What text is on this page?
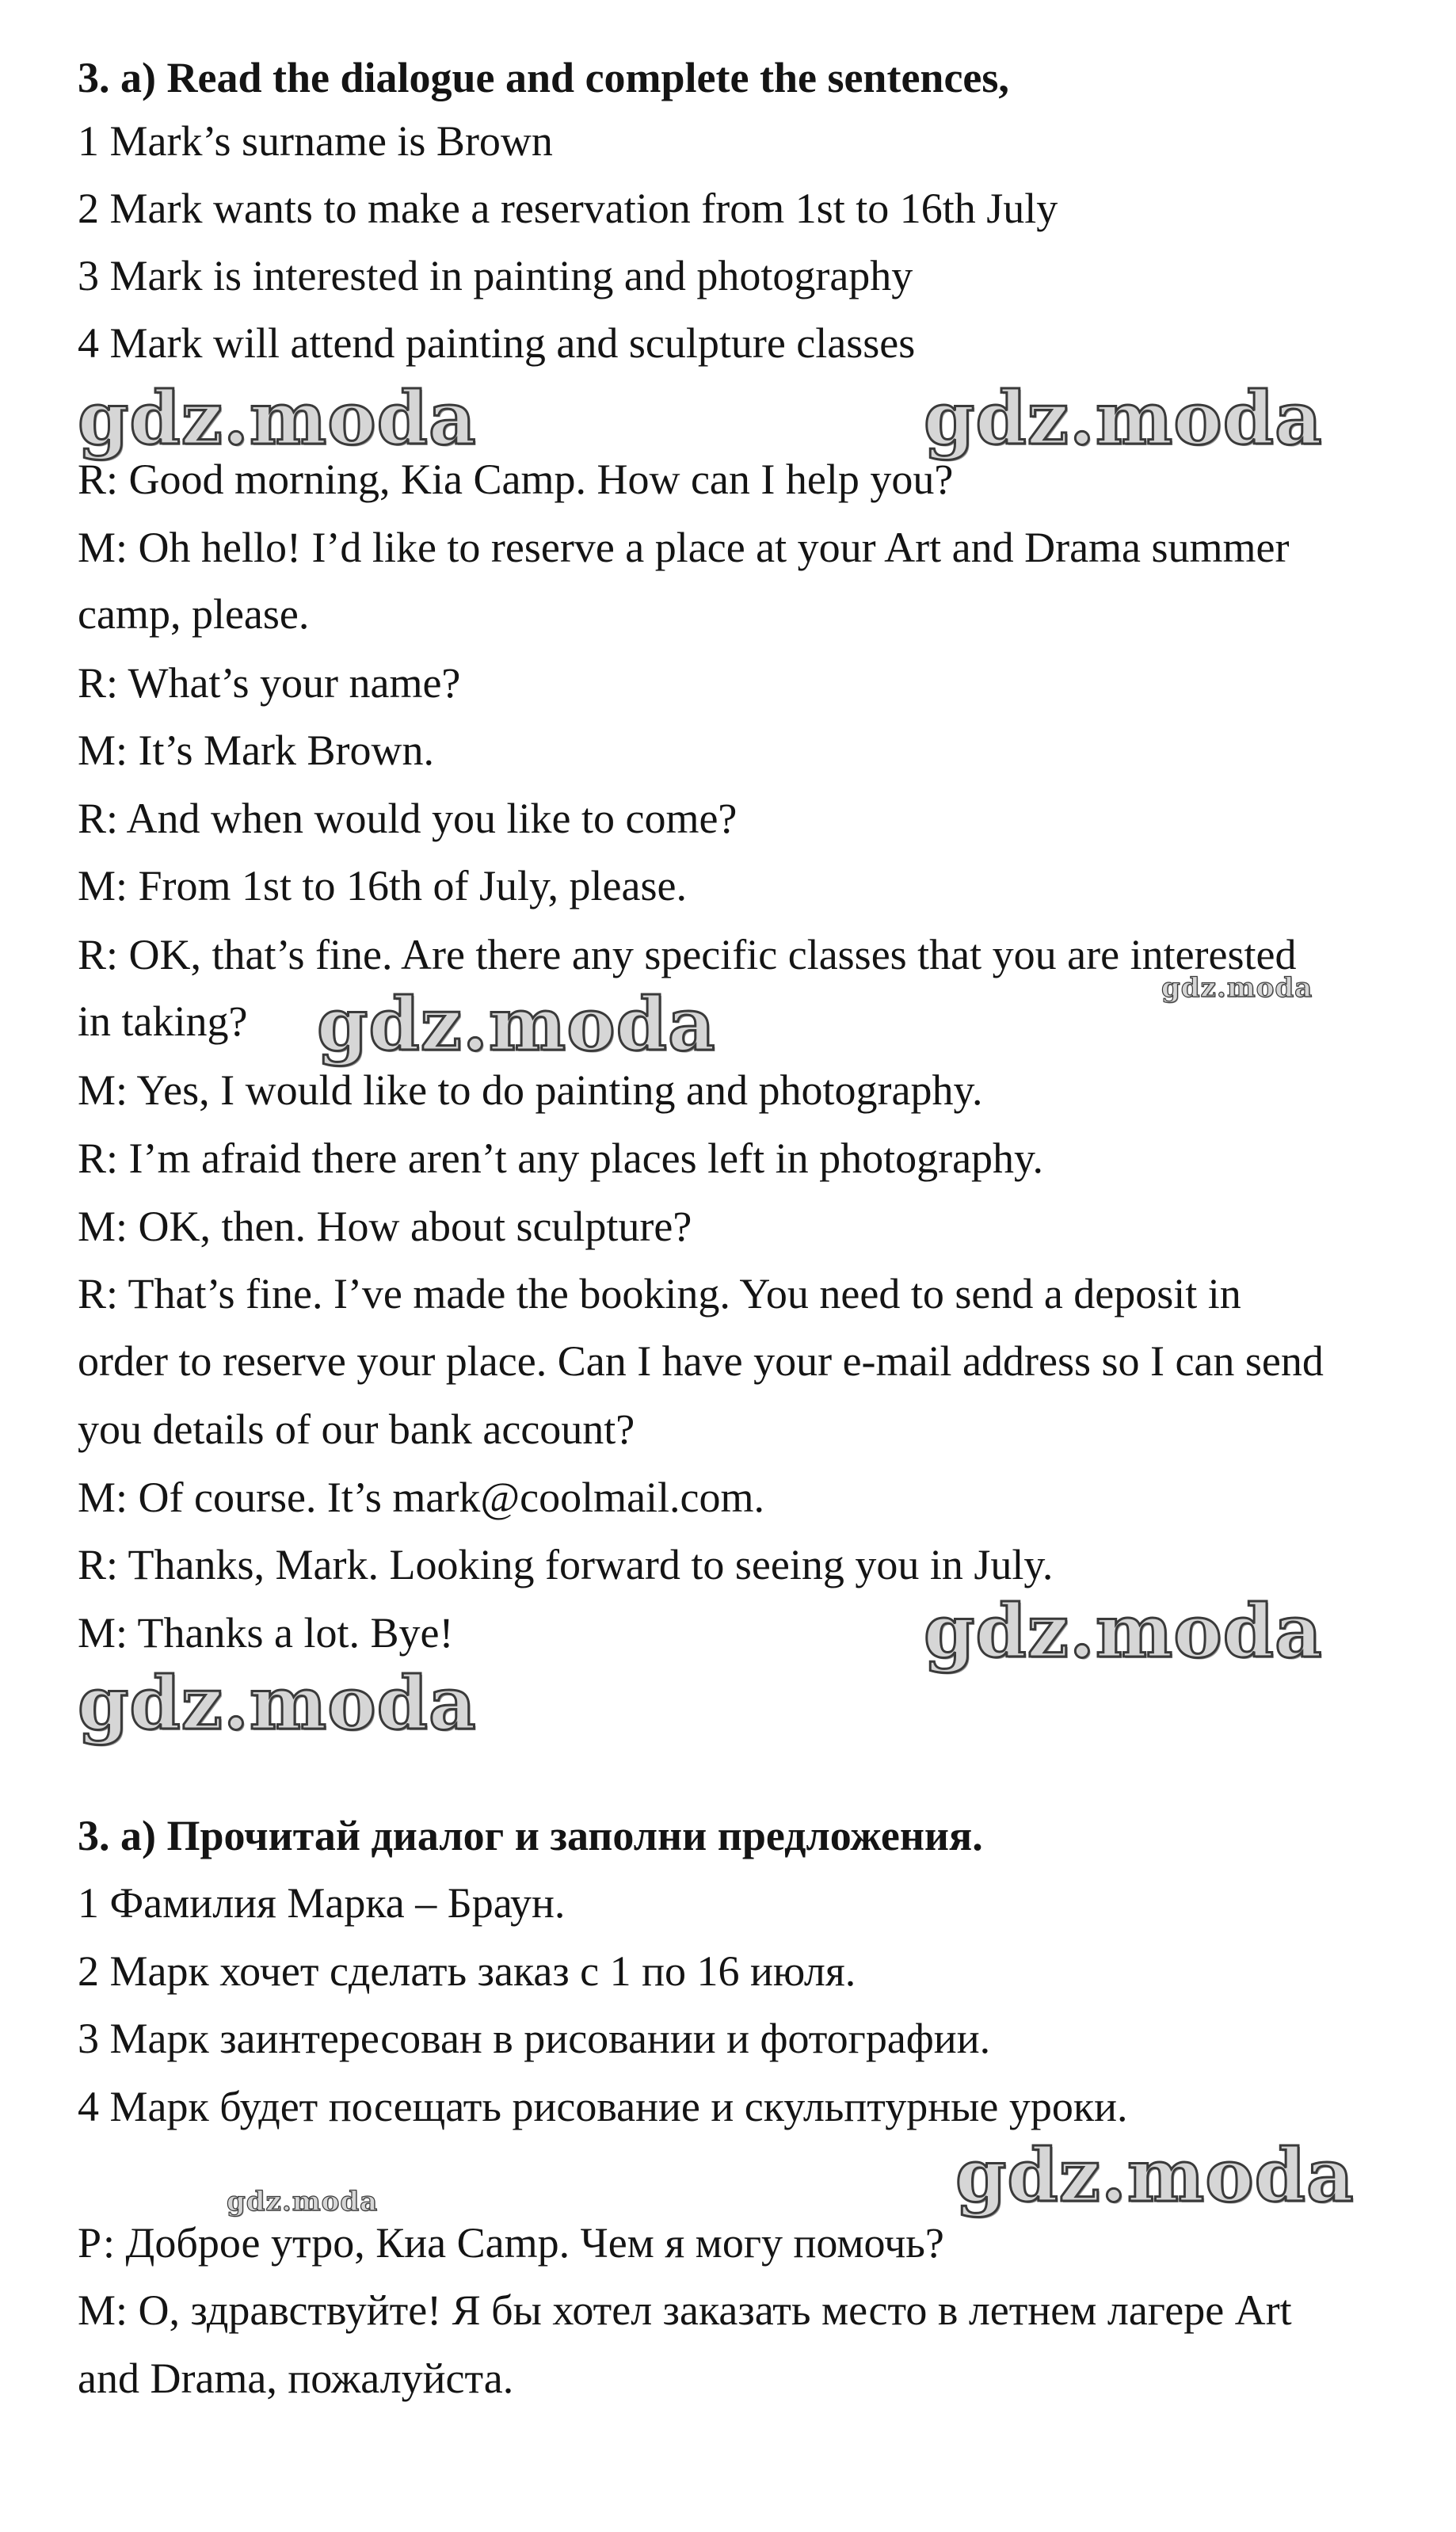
3. a) Read the dialogue and complete the sentences,
1 Mark’s surname is Brown
2 Mark wants to make a reservation from 1st to 16th July
3 Mark is interested in painting and photography
4 Mark will attend painting and sculpture classes
R: Good morning, Kia Camp. How can I help you?
M: Oh hello! I’d like to reserve a place at your Art and Drama summer
camp, please.
R: What’s your name?
M: It’s Mark Brown.
R: And when would you like to come?
M: From 1st to 16th of July, please.
R: OK, that’s fine. Are there any specific classes that you are interested
in taking?
M: Yes, I would like to do painting and photography.
R: I’m afraid there aren’t any places left in photography.
M: OK, then. How about sculpture?
R: That’s fine. I’ve made the booking. You need to send a deposit in
order to reserve your place. Can I have your e-mail address so I can send
you details of our bank account?
M: Of course. It’s mark@coolmail.com.
R: Thanks, Mark. Looking forward to seeing you in July.
M: Thanks a lot. Bye!
3. а) Прочитай диалог и заполни предложения.
1 Фамилия Марка – Браун.
2 Марк хочет сделать заказ с 1 по 16 июля.
3 Марк заинтересован в рисовании и фотографии.
4 Марк будет посещать рисование и скульптурные уроки.
Р: Доброе утро, Киа Camp. Чем я могу помочь?
М: О, здравствуйте! Я бы хотел заказать место в летнем лагере Art
and Drama, пожалуйста.
gdz.moda	gdz.moda
gdz.moda
gdz.moda
gdz.moda
gdz.moda
gdz.moda
gdz.moda
